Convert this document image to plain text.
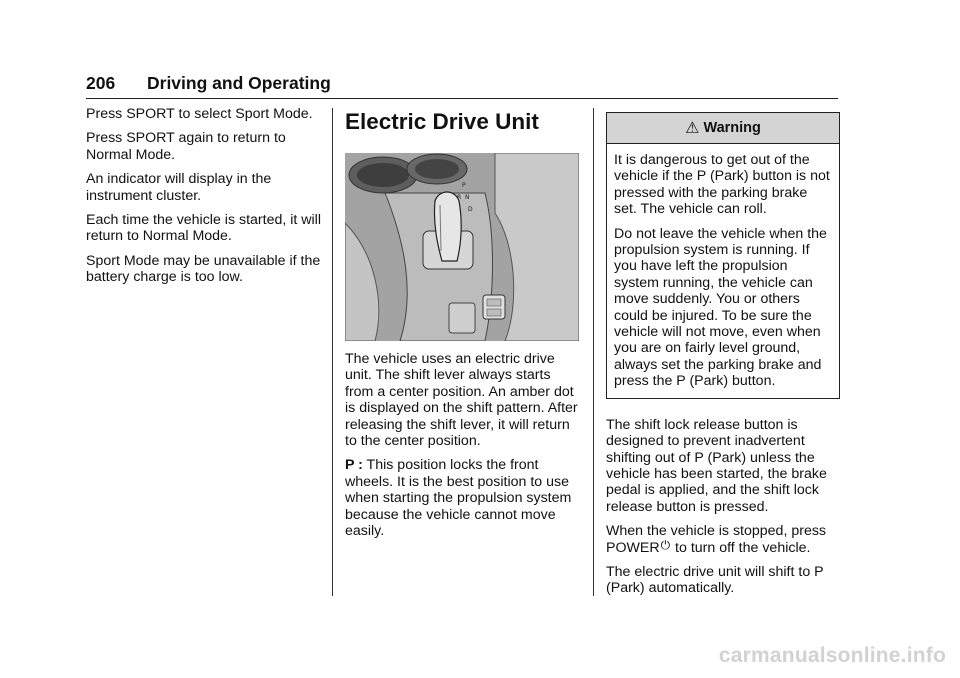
206 Driving and Operating

Press SPORT to select Sport Mode.

Press SPORT again to return to Normal Mode.

An indicator will display in the instrument cluster.

Each time the vehicle is started, it will return to Normal Mode.

Sport Mode may be unavailable if the battery charge is too low.

Electric Drive Unit
P
R N
D

The vehicle uses an electric drive unit. The shift lever always starts from a center position. An amber dot is displayed on the shift pattern. After releasing the shift lever, it will return to the center position.

P : This position locks the front wheels. It is the best position to use when starting the propulsion system because the vehicle cannot move easily.

⚠ Warning

It is dangerous to get out of the vehicle if the P (Park) button is not pressed with the parking brake set. The vehicle can roll.

Do not leave the vehicle when the propulsion system is running. If you have left the propulsion system running, the vehicle can move suddenly. You or others could be injured. To be sure the vehicle will not move, even when you are on fairly level ground, always set the parking brake and press the P (Park) button.

The shift lock release button is designed to prevent inadvertent shifting out of P (Park) unless the vehicle has been started, the brake pedal is applied, and the shift lock release button is pressed.

When the vehicle is stopped, press POWER⏻ to turn off the vehicle.

The electric drive unit will shift to P (Park) automatically.

carmanualsonline.info
